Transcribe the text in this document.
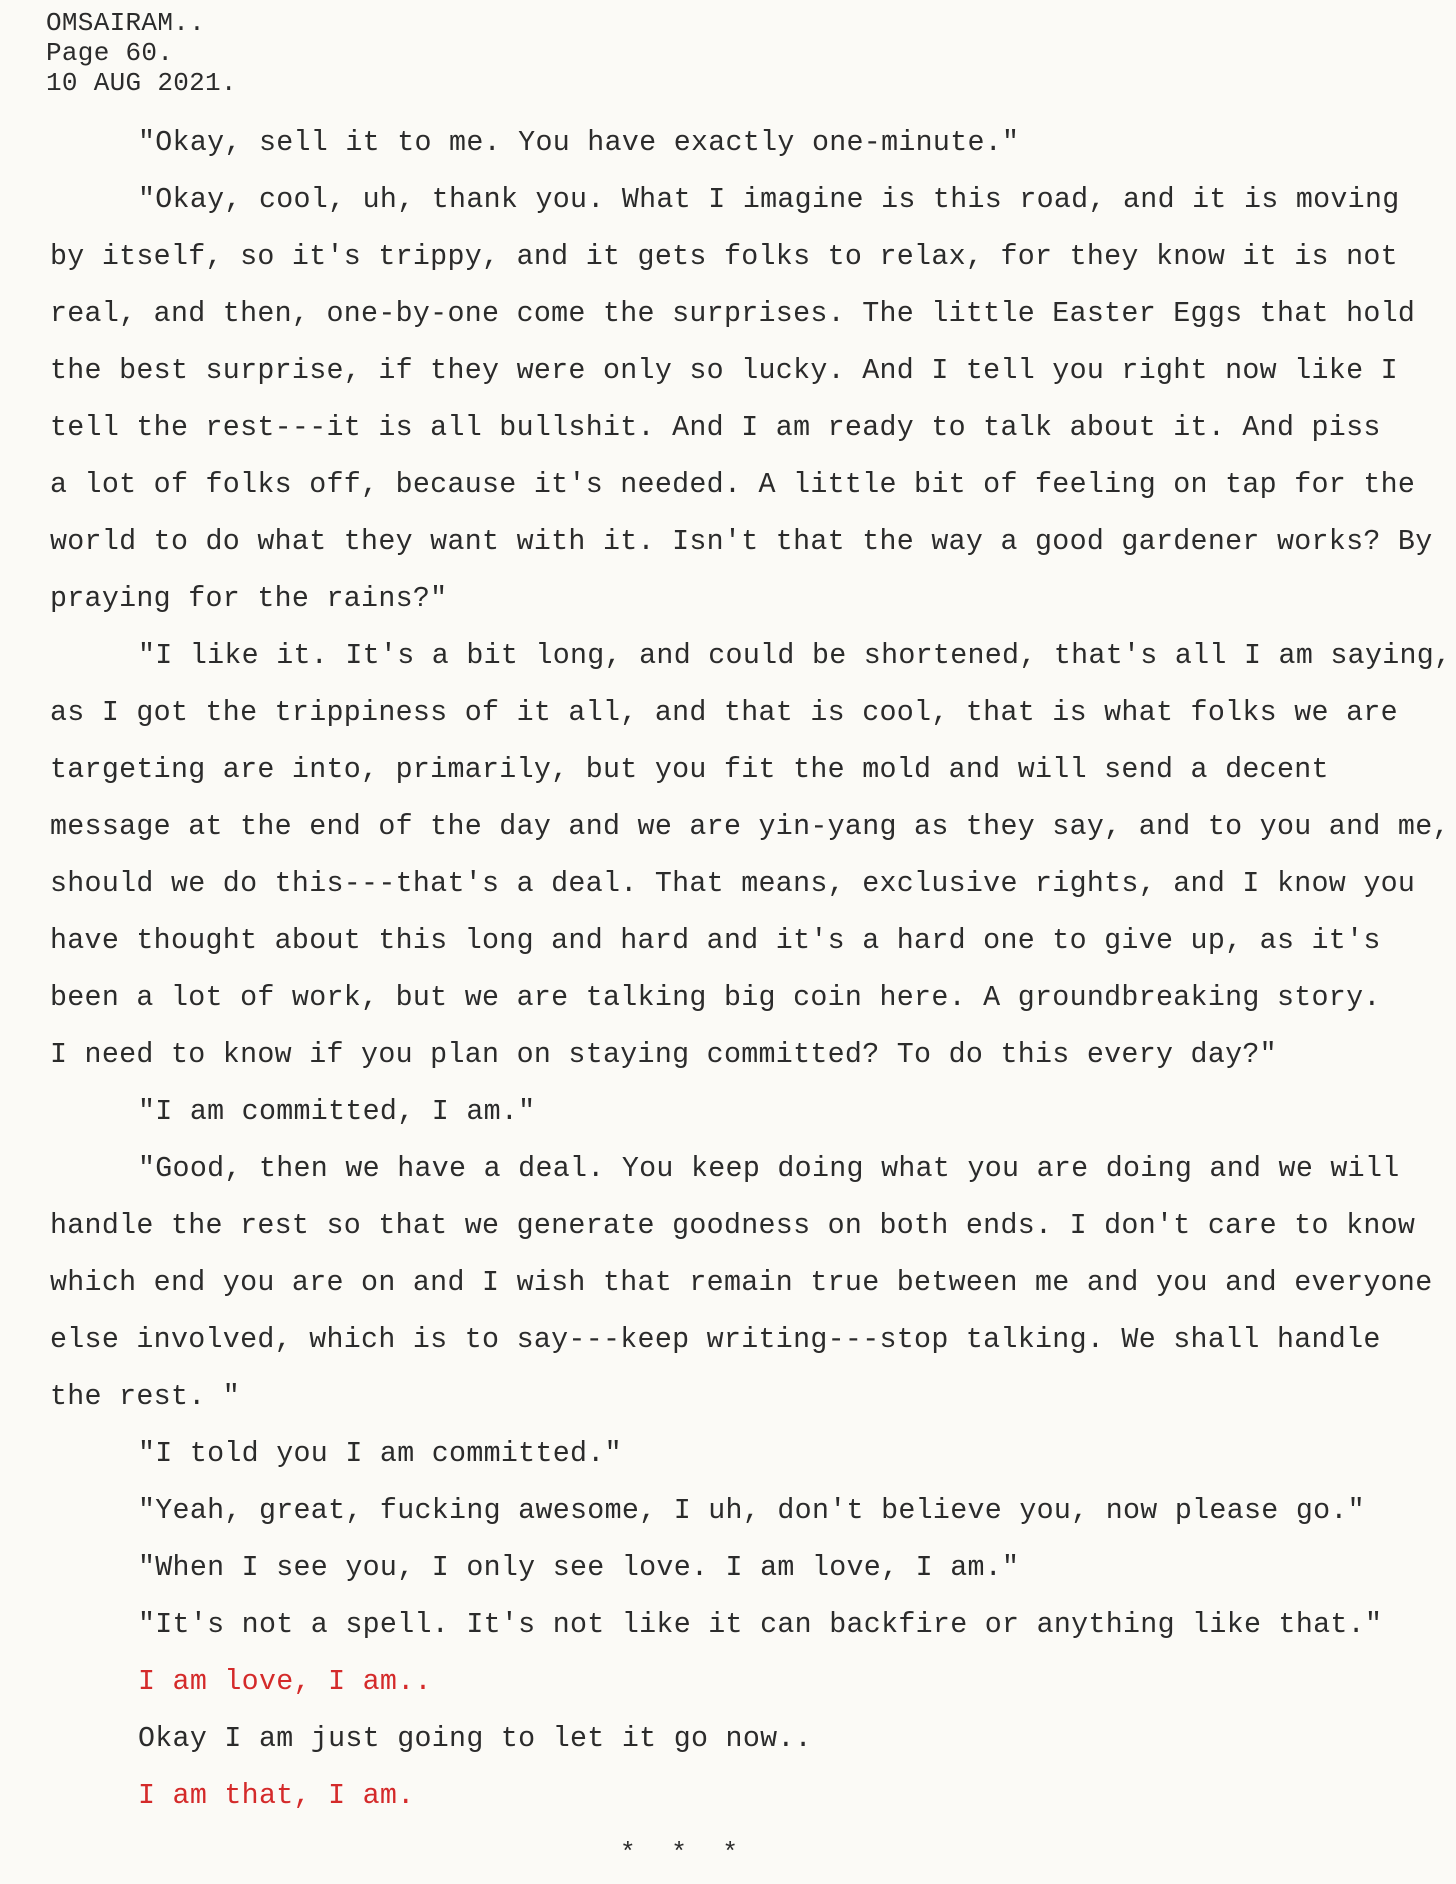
OMSAIRAM..
Page 60.
10 AUG 2021.
"Okay, sell it to me. You have exactly one-minute."
"Okay, cool, uh, thank you. What I imagine is this road, and it is moving
by itself, so it's trippy, and it gets folks to relax, for they know it is not
real, and then, one-by-one come the surprises. The little Easter Eggs that hold
the best surprise, if they were only so lucky. And I tell you right now like I
tell the rest---it is all bullshit. And I am ready to talk about it. And piss
a lot of folks off, because it's needed. A little bit of feeling on tap for the
world to do what they want with it. Isn't that the way a good gardener works? By
praying for the rains?"
"I like it. It's a bit long, and could be shortened, that's all I am saying,
as I got the trippiness of it all, and that is cool, that is what folks we are
targeting are into, primarily, but you fit the mold and will send a decent
message at the end of the day and we are yin-yang as they say, and to you and me,
should we do this---that's a deal. That means, exclusive rights, and I know you
have thought about this long and hard and it's a hard one to give up, as it's
been a lot of work, but we are talking big coin here. A groundbreaking story.
I need to know if you plan on staying committed? To do this every day?"
"I am committed, I am."
"Good, then we have a deal. You keep doing what you are doing and we will
handle the rest so that we generate goodness on both ends. I don't care to know
which end you are on and I wish that remain true between me and you and everyone
else involved, which is to say---keep writing---stop talking. We shall handle
the rest. "
"I told you I am committed."
"Yeah, great, fucking awesome, I uh, don't believe you, now please go."
"When I see you, I only see love. I am love, I am."
"It's not a spell. It's not like it can backfire or anything like that."
I am love, I am..
Okay I am just going to let it go now..
I am that, I am.
* * *
